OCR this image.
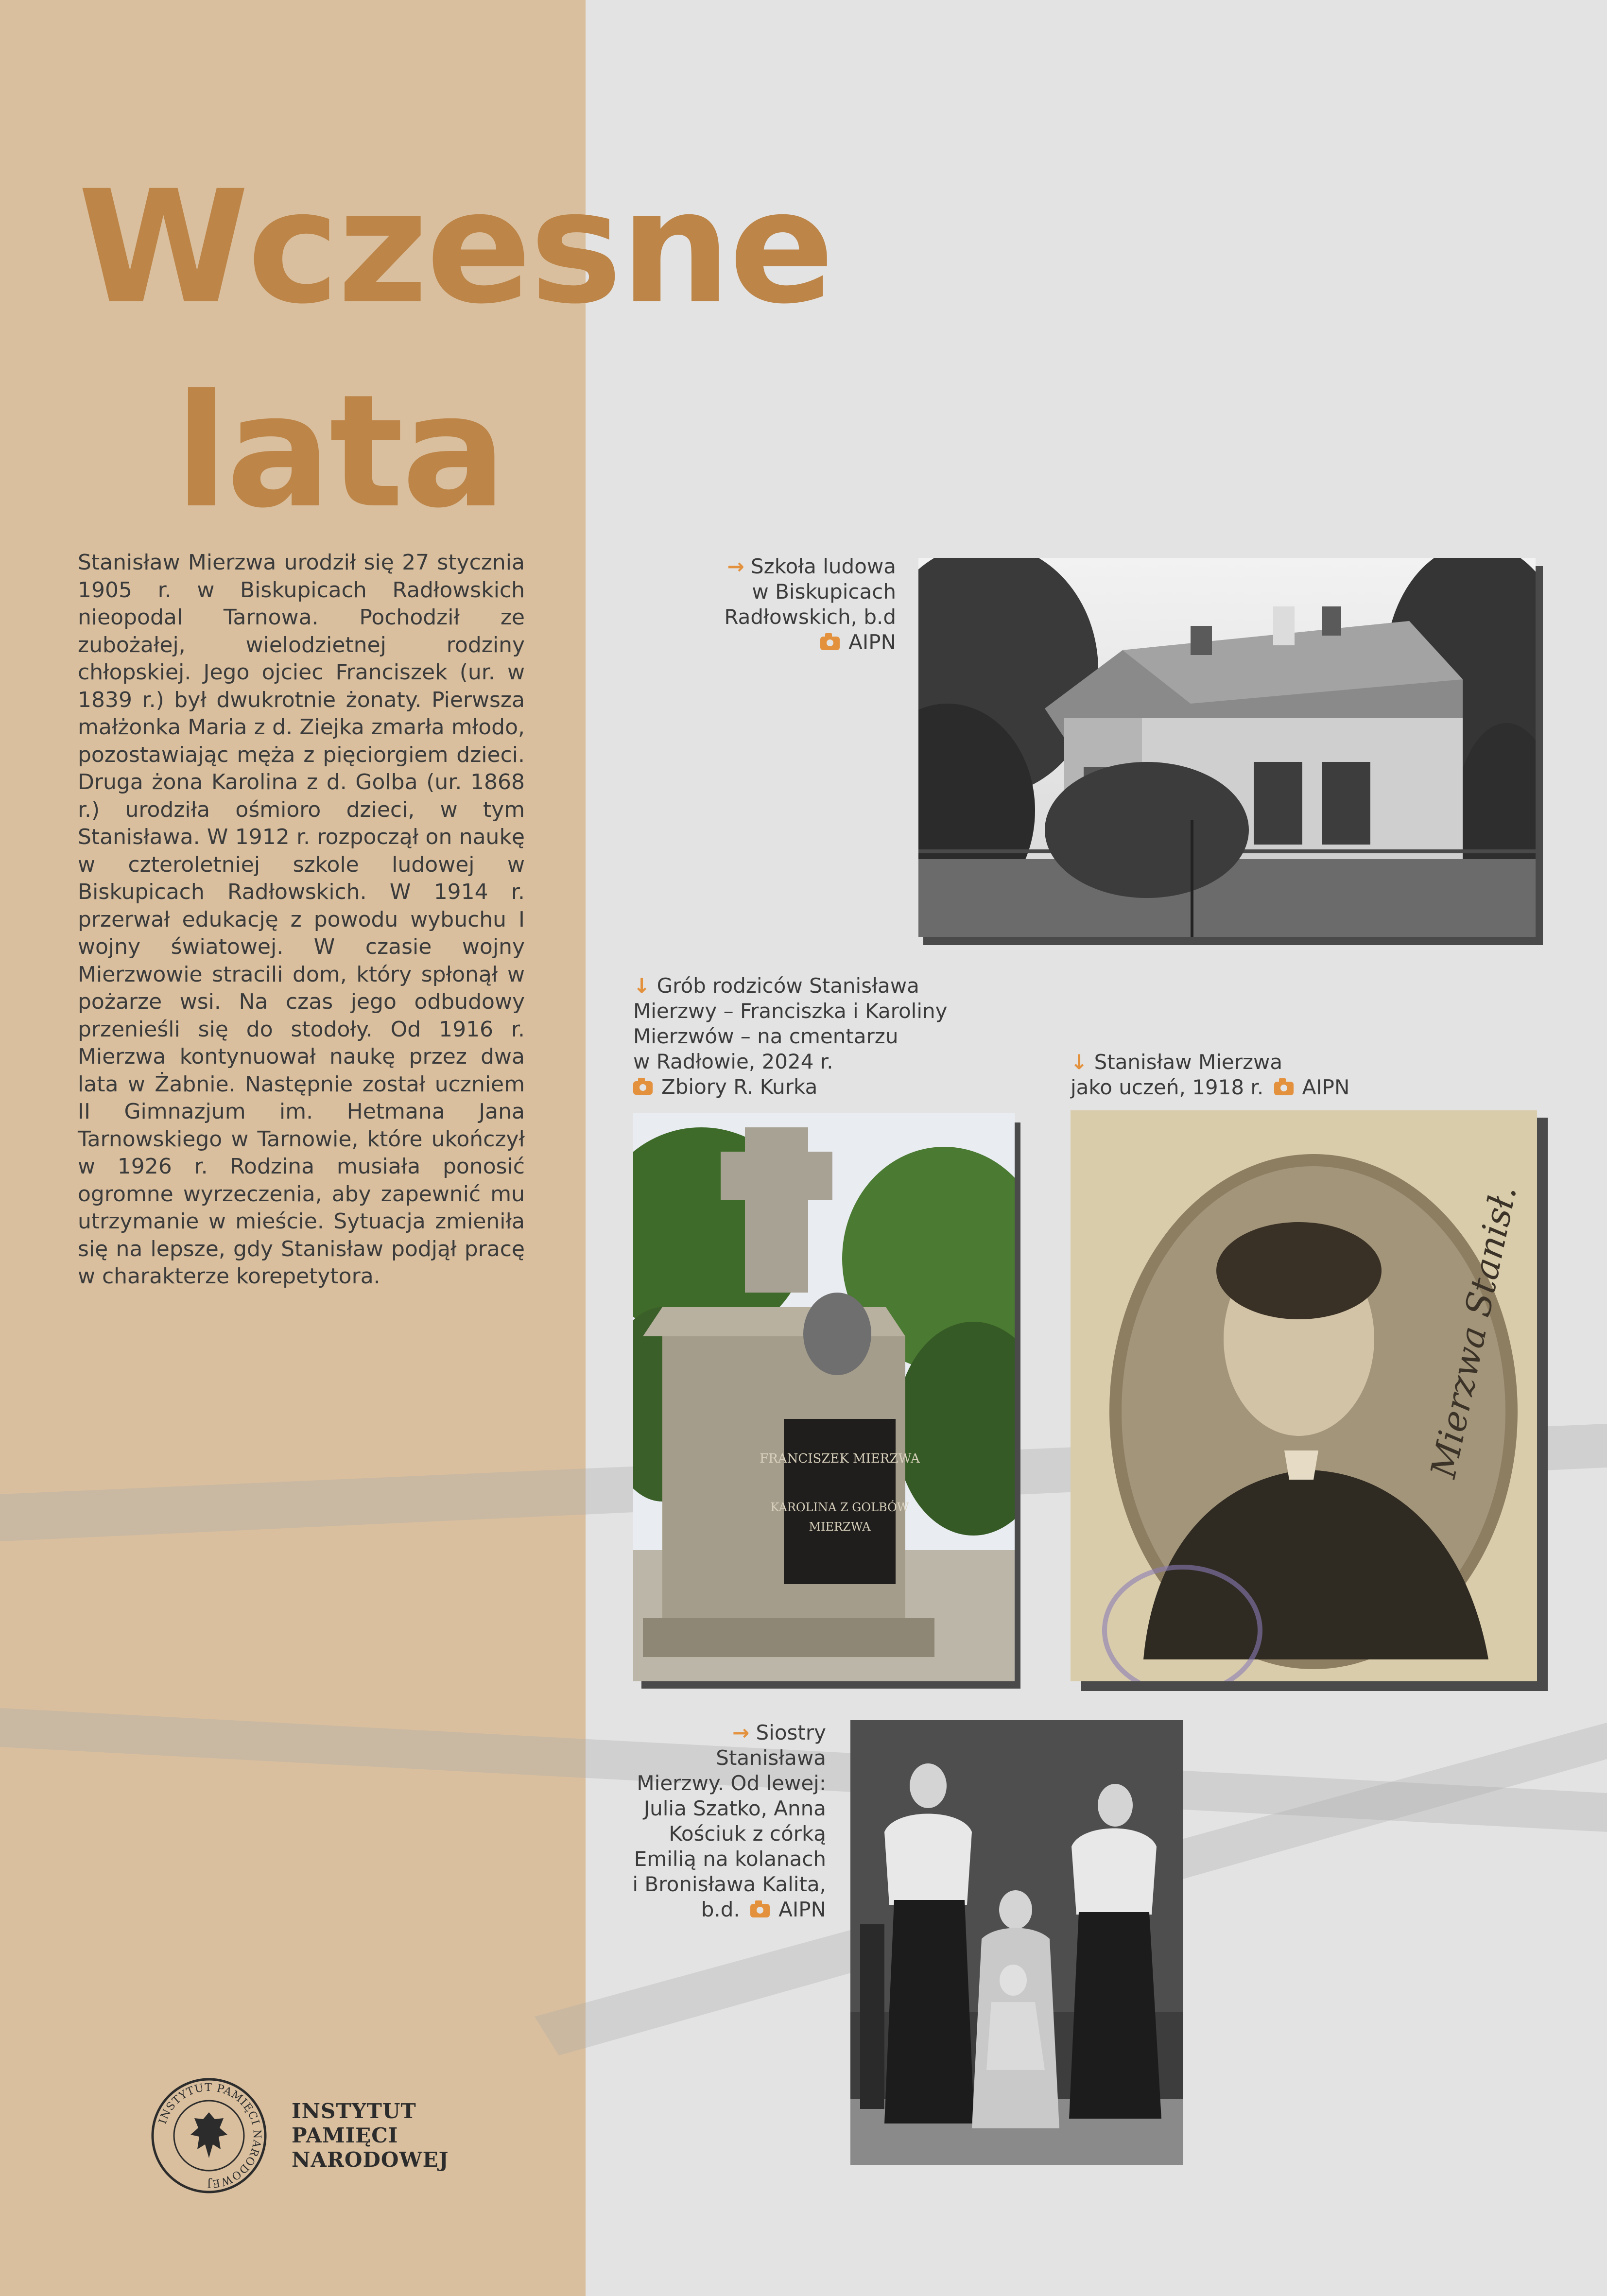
Wczesne
lata

Stanisław Mierzwa urodził się 27 stycznia 1905 r. w Biskupicach Radłowskich nieopodal Tarnowa. Pochodził ze zubożałej, wielodzietnej rodziny chłopskiej. Jego ojciec Franciszek (ur. w 1839 r.) był dwukrotnie żonaty. Pierwsza małżonka Maria z d. Ziejka zmarła młodo, pozostawiając męża z pięciorgiem dzieci. Druga żona Karolina z d. Golba (ur. 1868 r.) urodziła ośmioro dzieci, w tym Stanisława. W 1912 r. rozpoczął on naukę w czteroletniej szkole ludowej w Biskupicach Radłowskich. W 1914 r. przerwał edukację z powodu wybuchu I wojny światowej. W czasie wojny Mierzwowie stracili dom, który spłonął w pożarze wsi. Na czas jego odbudowy przenieśli się do stodoły. Od 1916 r. Mierzwa kontynuował naukę przez dwa lata w Żabnie. Następnie został uczniem II Gimnazjum im. Hetmana Jana Tarnowskiego w Tarnowie, które ukończył w 1926 r. Rodzina musiała ponosić ogromne wyrzeczenia, aby zapewnić mu utrzymanie w mieście. Sytuacja zmieniła się na lepsze, gdy Stanisław podjął pracę w charakterze korepetytora.

→ Szkoła ludowa
w Biskupicach
Radłowskich, b.d
AIPN
↓ Grób rodziców Stanisława
Mierzwy – Franciszka i Karoliny
Mierzwów – na cmentarzu
w Radłowie, 2024 r.
Zbiory R. Kurka
FRANCISZEK MIERZWA
KAROLINA Z GOLBÓW
MIERZWA
↓ Stanisław Mierzwa
jako uczeń, 1918 r. AIPN
Mierzwa Stanisł.
→ Siostry
Stanisława
Mierzwy. Od lewej:
Julia Szatko, Anna
Kościuk z córką
Emilią na kolanach
i Bronisława Kalita,
b.d. AIPN
INSTYTUT PAMIĘCI NARODOWEJ
INSTYTUT
PAMIĘCI
NARODOWEJ
